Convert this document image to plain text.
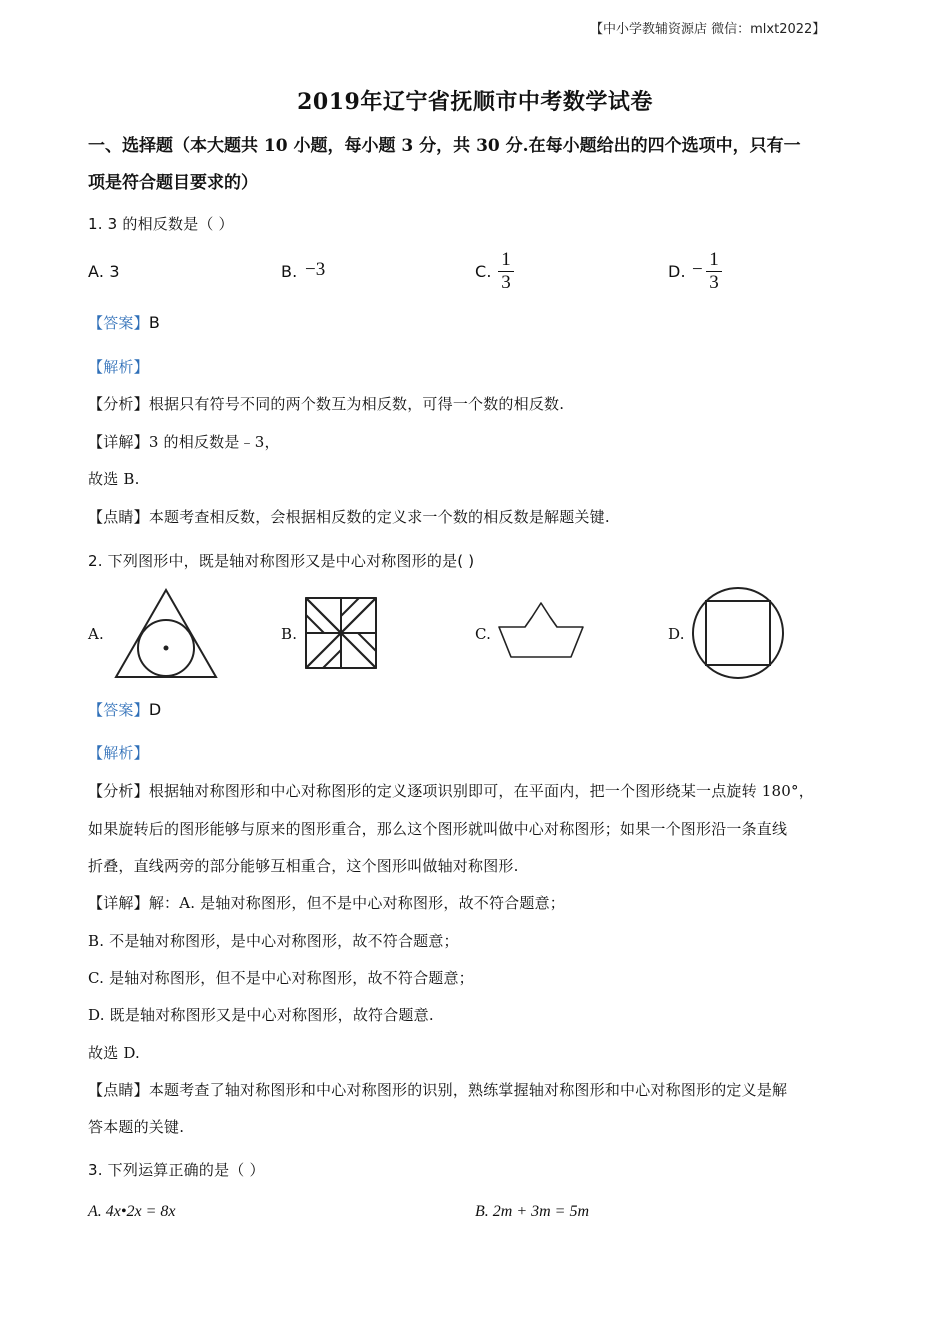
【中小学教辅资源店 微信：mlxt2022】
2019年辽宁省抚顺市中考数学试卷
一、选择题（本大题共 10 小题，每小题 3 分，共 30 分.在每小题给出的四个选项中，只有一
项是符合题目要求的）
1. 3 的相反数是（ ）
A. 3	B. −3	C.
1
3
D. − 1
3
【答案】B
【解析】
【分析】根据只有符号不同的两个数互为相反数，可得一个数的相反数.
【详解】3 的相反数是﹣3，
故选 B.
【点睛】本题考查相反数，会根据相反数的定义求一个数的相反数是解题关键.
2. 下列图形中，既是轴对称图形又是中心对称图形的是( )
A.	B.	C.	D.
【答案】D
【解析】
【分析】根据轴对称图形和中心对称图形的定义逐项识别即可，在平面内，把一个图形绕某一点旋转 180°，
如果旋转后的图形能够与原来的图形重合，那么这个图形就叫做中心对称图形；如果一个图形沿一条直线
折叠，直线两旁的部分能够互相重合，这个图形叫做轴对称图形.
【详解】解：A. 是轴对称图形，但不是中心对称图形，故不符合题意；
B. 不是轴对称图形，是中心对称图形，故不符合题意；
C. 是轴对称图形，但不是中心对称图形，故不符合题意；
D. 既是轴对称图形又是中心对称图形，故符合题意.
故选 D.
【点睛】本题考查了轴对称图形和中心对称图形的识别，熟练掌握轴对称图形和中心对称图形的定义是解
答本题的关键.
3. 下列运算正确的是（ ）
A. 4x•2x = 8x	B. 2m + 3m = 5m
